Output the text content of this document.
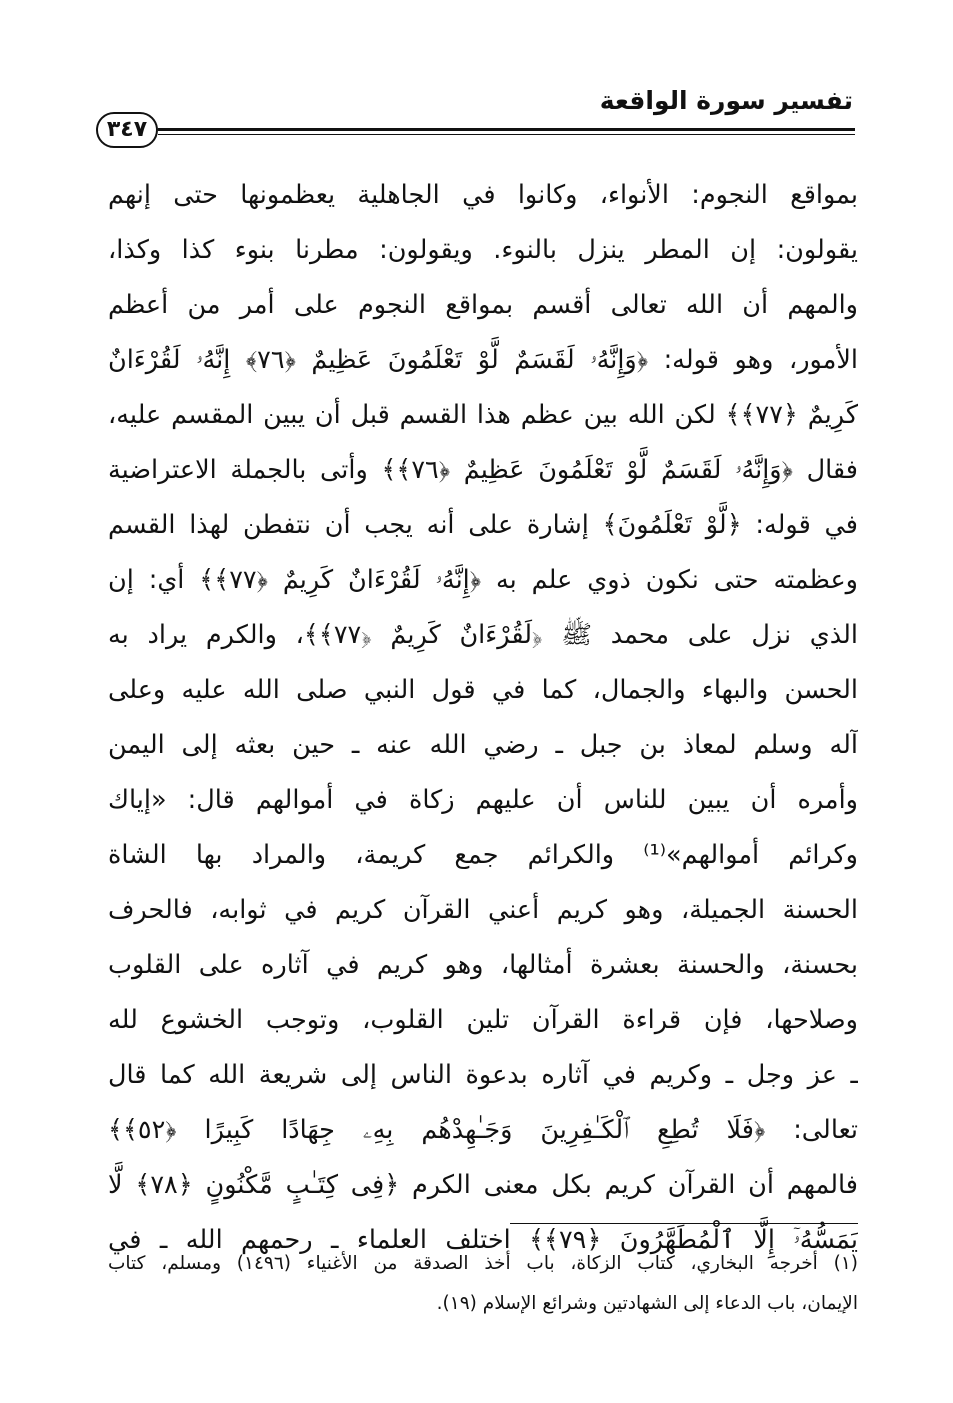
تفسير سورة الواقعة
٣٤٧
بمواقع النجوم: الأنواء، وكانوا في الجاهلية يعظمونها حتى إنهم
يقولون: إن المطر ينزل بالنوء. ويقولون: مطرنا بنوء كذا وكذا،
والمهم أن الله تعالى أقسم بمواقع النجوم على أمر من أعظم
الأمور، وهو قوله: ﴿وَإِنَّهُۥ لَقَسَمٌ لَّوْ تَعْلَمُونَ عَظِيمٌ ﴿٧٦﴾ إِنَّهُۥ لَقُرْءَانٌ
كَرِيمٌ ﴿٧٧﴾﴾ لكن الله بين عظم هذا القسم قبل أن يبين المقسم عليه،
فقال ﴿وَإِنَّهُۥ لَقَسَمٌ لَّوْ تَعْلَمُونَ عَظِيمٌ ﴿٧٦﴾﴾ وأتى بالجملة الاعتراضية
في قوله: ﴿لَّوْ تَعْلَمُونَ﴾ إشارة على أنه يجب أن نتفطن لهذا القسم
وعظمته حتى نكون ذوي علم به ﴿إِنَّهُۥ لَقُرْءَانٌ كَرِيمٌ ﴿٧٧﴾﴾ أي: إن
الذي نزل على محمد ﷺ ﴿لَقُرْءَانٌ كَرِيمٌ ﴿٧٧﴾﴾، والكرم يراد به
الحسن والبهاء والجمال، كما في قول النبي صلى الله عليه وعلى
آله وسلم لمعاذ بن جبل ـ رضي الله عنه ـ حين بعثه إلى اليمن
وأمره أن يبين للناس أن عليهم زكاة في أموالهم قال: «إياك
وكرائم أموالهم»⁽¹⁾ والكرائم جمع كريمة، والمراد بها الشاة
الحسنة الجميلة، وهو كريم أعني القرآن كريم في ثوابه، فالحرف
بحسنة، والحسنة بعشرة أمثالها، وهو كريم في آثاره على القلوب
وصلاحها، فإن قراءة القرآن تلين القلوب، وتوجب الخشوع لله
ـ عز وجل ـ وكريم في آثاره بدعوة الناس إلى شريعة الله كما قال
تعالى: ﴿فَلَا تُطِعِ ٱلْكَـٰفِرِينَ وَجَـٰهِدْهُم بِهِۦ جِهَادًا كَبِيرًا ﴿٥٢﴾﴾
فالمهم أن القرآن كريم بكل معنى الكرم ﴿فِى كِتَـٰبٍ مَّكْنُونٍ ﴿٧٨﴾ لَّا
يَمَسُّهُۥٓ إِلَّا ٱلْمُطَهَّرُونَ ﴿٧٩﴾﴾ اختلف العلماء ـ رحمهم الله ـ في
(١) أخرجه البخاري، كتاب الزكاة، باب أخذ الصدقة من الأغنياء (١٤٩٦) ومسلم، كتاب
الإيمان، باب الدعاء إلى الشهادتين وشرائع الإسلام (١٩).
